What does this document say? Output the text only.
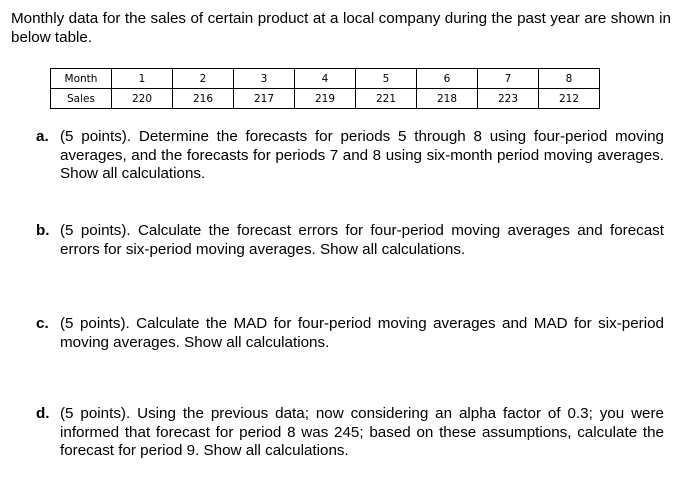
Monthly data for the sales of certain product at a local company during the past year are shown in below table.
Month	1	2	3	4	5	6	7	8
Sales	220	216	217	219	221	218	223	212
a. (5 points). Determine the forecasts for periods 5 through 8 using four-period moving averages, and the forecasts for periods 7 and 8 using six-month period moving averages. Show all calculations.
b. (5 points). Calculate the forecast errors for four-period moving averages and forecast errors for six-period moving averages. Show all calculations.
c. (5 points). Calculate the MAD for four-period moving averages and MAD for six-period moving averages. Show all calculations.
d. (5 points). Using the previous data; now considering an alpha factor of 0.3; you were informed that forecast for period 8 was 245; based on these assumptions, calculate the forecast for period 9. Show all calculations.
